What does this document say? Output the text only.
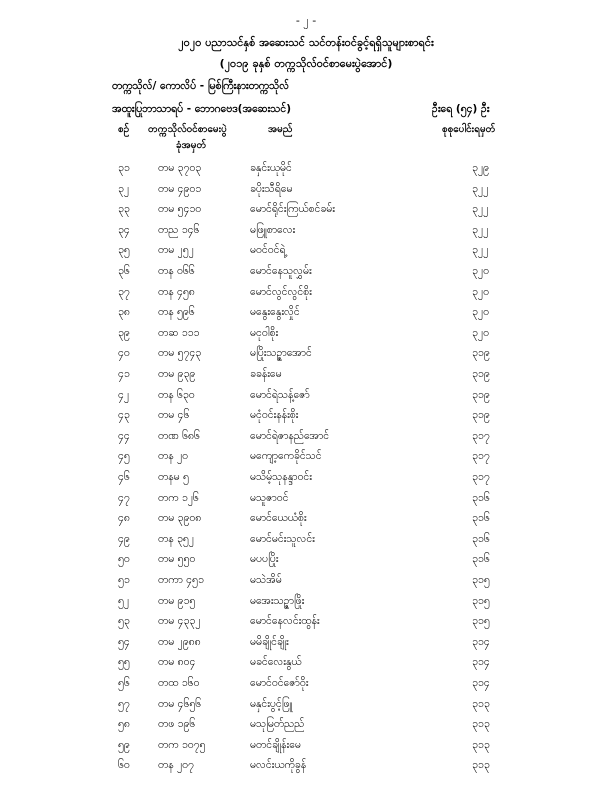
- ၂ -
၂၀၂၀ ပညာသင်နှစ် အဆေးသင် သင်တန်းဝင်ခွင့်ရရှိသူများစာရင်း
(၂၀၁၉ ခုနှစ် တက္ကသိုလ်ဝင်စာမေးပွဲအောင်)
တက္ကသိုလ်/ ကောလိပ် - မြစ်ကြီးနားတက္ကသိုလ်
အထူးပြုဘာသာရပ် - ဘောဂဗေဒ(အဆေးသင်)	ဦးရေ (၅၄) ဦး
စဉ် တက္ကသိုလ်ဝင်စာမေးပွဲ
ခုံအမှတ်
အမည်	စုစုပေါင်းရမှတ်
၃၁	တမ ၃၇၀၃	ခနှင်းယုမိုင်	၃၂၉
၃၂	တမ ၄၉၀၁	ခပိုးသီရိမေ	၃၂၂
၃၃	တမ ၅၄၁၀	မောင်ရိုင်းကြယ်စင်ခမ်း	၃၂၂
၃၄	တည ၁၄၆	မဖြူစာလေး	၃၂၂
၃၅	တမ ၂၅၂	မဝင်ဝင်ရဲ့	၃၂၂
၃၆	တန ၀၆၆	မောင်နေသူလွှမ်း	၃၂၀
၃၇	တန ၄၅၈	မောင်လွင်လွင်စိုး	၃၂၀
၃၈	တန ၅၉၆	မနွေးနွေးလှိုင်	၃၂၀
၃၉	တဆ ၁၁၁	မငုဝါစိုး	၃၂၀
၄၀	တမ ၅၇၄၃	မပြိုးသဉ္ဇာအောင်	၃၁၉
၄၁	တမ ၉၃၉	ခခန်းမေ	၃၁၉
၄၂	တန ၆၃၀	မောင်ရဲသန့်ဇော်	၃၁၉
၄၃	တမ ၄၆	မငုံဝင်းနန်းစိုး	၃၁၉
၄၄	တဏ ၆၈၆	မောင်ရဲဇာနည်အောင်	၃၁၇
၄၅	တန ၂၀	မကျော့ကေခိုင်သင်	၃၁၇
၄၆	တနမ ၅	မသိမ့်သုနန္ဒာဝင်း	၃၁၇
၄၇	တက ၁၂၆	မသူဇာဝင်	၃၁၆
၄၈	တမ ၃၉၀၈	မောင်ယေယံစိုး	၃၁၆
၄၉	တန ၃၅၂	မောင်မင်းသူလင်း	၃၁၆
၅၀	တမ ၅၅၀	မပပပြိုး	၃၁၆
၅၁	တကာ ၄၅၁	မသဲအိမ်	၃၁၅
၅၂	တမ ၉၁၅	မအေးသဉ္ဇာဖြိုး	၃၁၅
၅၃	တမ ၄၃၃၂	မောင်နေလင်းထွန်း	၃၁၅
၅၄	တမ ၂၉၈၈	မမိချိုင်ချိုး	၃၁၄
၅၅	တမ ၈၀၄	မခင်လေးနွယ်	၃၁၄
၅၆	တထ ၁၆၀	မောင်ဝင်ဇော်ဝိုး	၃၁၄
၅၇	တမ ၄၆၅၆	မနှင်းပွင့်ဖြူ	၃၁၃
၅၈	တဖ ၁၉၆	မသုမြတ်ညည်	၃၁၃
၅၉	တက ၁၀၇၅	မတင်ချိုန်းမေ	၃၁၃
၆၀	တန ၂၀၇	မလင်းယကိုခွန်	၃၁၃
